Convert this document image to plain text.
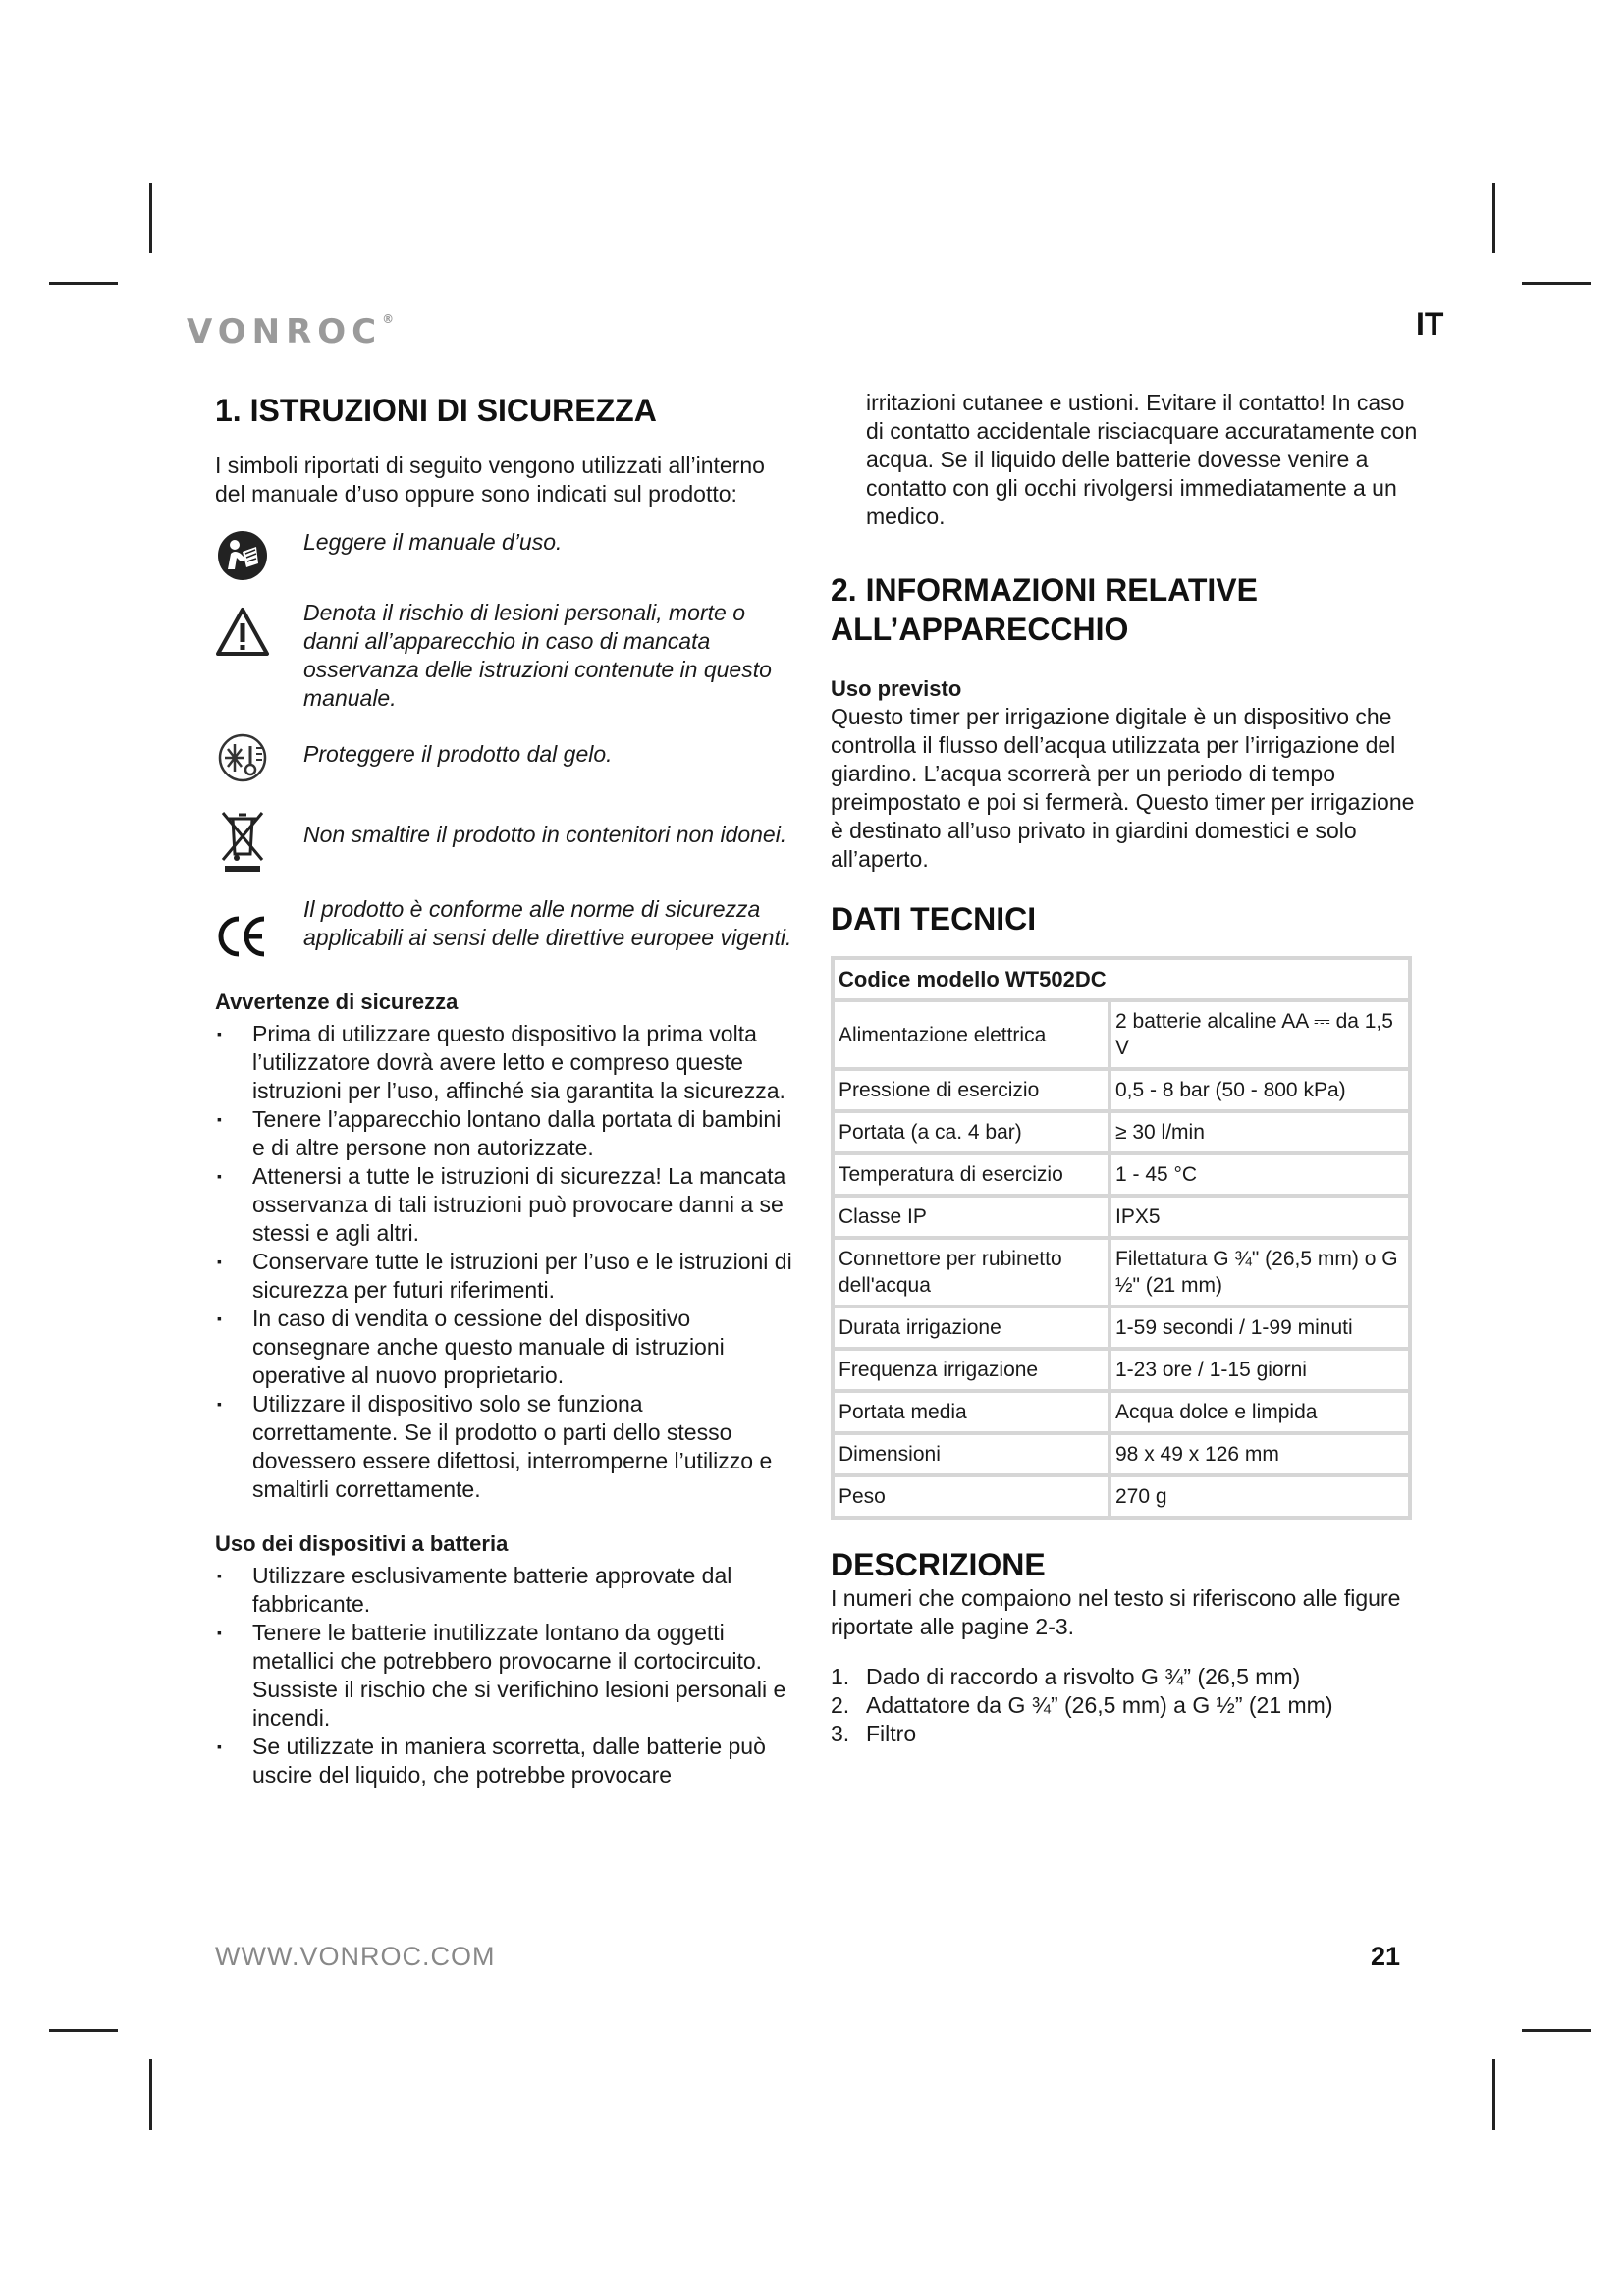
VONROC®	IT
1. ISTRUZIONI DI SICUREZZA

I simboli riportati di seguito vengono utilizzati all’interno del manuale d’uso oppure sono indicati sul prodotto:

Leggere il manuale d’uso.
Denota il rischio di lesioni personali, morte o danni all’apparecchio in caso di mancata osservanza delle istruzioni contenute in questo manuale.
Proteggere il prodotto dal gelo.
Non smaltire il prodotto in contenitori non idonei.
Il prodotto è conforme alle norme di sicurezza applicabili ai sensi delle direttive europee vigenti.
Avvertenze di sicurezza
▪ Prima di utilizzare questo dispositivo la prima volta l’utilizzatore dovrà avere letto e compreso queste istruzioni per l’uso, affinché sia garantita la sicurezza.
▪ Tenere l’apparecchio lontano dalla portata di bambini e di altre persone non autorizzate.
▪ Attenersi a tutte le istruzioni di sicurezza! La mancata osservanza di tali istruzioni può provocare danni a se stessi e agli altri.
▪ Conservare tutte le istruzioni per l’uso e le istruzioni di sicurezza per futuri riferimenti.
▪ In caso di vendita o cessione del dispositivo consegnare anche questo manuale di istruzioni operative al nuovo proprietario.
▪ Utilizzare il dispositivo solo se funziona correttamente. Se il prodotto o parti dello stesso dovessero essere difettosi, interromperne l’utilizzo e smaltirli correttamente.
Uso dei dispositivi a batteria
▪ Utilizzare esclusivamente batterie approvate dal fabbricante.
▪ Tenere le batterie inutilizzate lontano da oggetti metallici che potrebbero provocarne il cortocircuito. Sussiste il rischio che si verifichino lesioni personali e incendi.
▪ Se utilizzate in maniera scorretta, dalle batterie può uscire del liquido, che potrebbe provocare

irritazioni cutanee e ustioni. Evitare il contatto! In caso di contatto accidentale risciacquare accuratamente con acqua. Se il liquido delle batterie dovesse venire a contatto con gli occhi rivolgersi immediatamente a un medico.

2. INFORMAZIONI RELATIVE ALL’APPARECCHIO
Uso previsto

Questo timer per irrigazione digitale è un dispositivo che controlla il flusso dell’acqua utilizzata per l’irrigazione del giardino. L’acqua scorrerà per un periodo di tempo preimpostato e poi si fermerà. Questo timer per irrigazione è destinato all’uso privato in giardini domestici e solo all’aperto.

DATI TECNICI
Codice modello WT502DC	
Alimentazione elettrica	2 batterie alcaline AA ⎓ da 1,5 V
Pressione di esercizio	0,5 - 8 bar (50 - 800 kPa)
Portata (a ca. 4 bar)	≥ 30 l/min
Temperatura di esercizio	1 - 45 °C
Classe IP	IPX5
Connettore per rubinetto dell'acqua	Filettatura G ¾" (26,5 mm) o G ½" (21 mm)
Durata irrigazione	1-59 secondi / 1-99 minuti
Frequenza irrigazione	1-23 ore / 1-15 giorni
Portata media	Acqua dolce e limpida
Dimensioni	98 x 49 x 126 mm
Peso	270 g
DESCRIZIONE

I numeri che compaiono nel testo si riferiscono alle figure riportate alle pagine 2-3.

1. Dado di raccordo a risvolto G ¾” (26,5 mm)
2. Adattatore da G ¾” (26,5 mm) a G ½” (21 mm)
3. Filtro
WWW.VONROC.COM	21
